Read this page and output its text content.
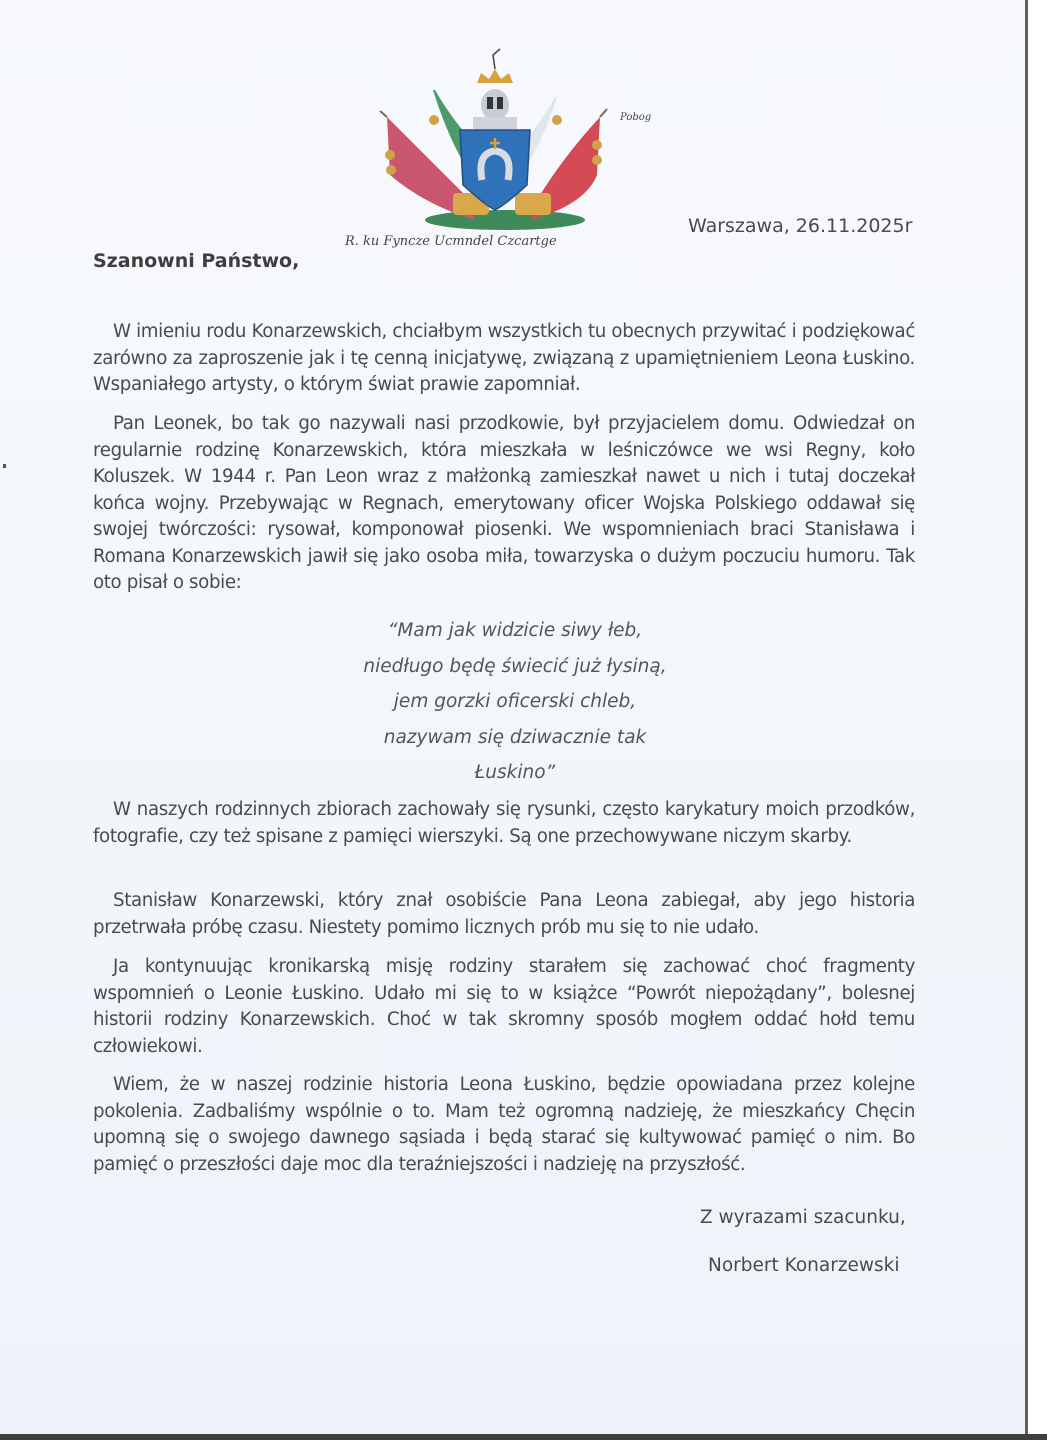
R. ku Fyncze Ucmndel Czcartge
Pobog
Warszawa, 26.11.2025r
Szanowni Państwo,

W imieniu rodu Konarzewskich, chciałbym wszystkich tu obecnych przywitać i podziękować zarówno za zaproszenie jak i tę cenną inicjatywę, związaną z upamiętnieniem Leona Łuskino. Wspaniałego artysty, o którym świat prawie zapomniał.

Pan Leonek, bo tak go nazywali nasi przodkowie, był przyjacielem domu. Odwiedzał on regularnie rodzinę Konarzewskich, która mieszkała w leśniczówce we wsi Regny, koło Koluszek. W 1944 r. Pan Leon wraz z małżonką zamieszkał nawet u nich i tutaj doczekał końca wojny. Przebywając w Regnach, emerytowany oficer Wojska Polskiego oddawał się swojej twórczości: rysował, komponował piosenki. We wspomnieniach braci Stanisława i Romana Konarzewskich jawił się jako osoba miła, towarzyska o dużym poczuciu humoru. Tak oto pisał o sobie:

“Mam jak widzicie siwy łeb,
niedługo będę świecić już łysiną,
jem gorzki oficerski chleb,
nazywam się dziwacznie tak
Łuskino”

W naszych rodzinnych zbiorach zachowały się rysunki, często karykatury moich przodków, fotografie, czy też spisane z pamięci wierszyki. Są one przechowywane niczym skarby.

Stanisław Konarzewski, który znał osobiście Pana Leona zabiegał, aby jego historia przetrwała próbę czasu. Niestety pomimo licznych prób mu się to nie udało.

Ja kontynuując kronikarską misję rodziny starałem się zachować choć fragmenty wspomnień o Leonie Łuskino. Udało mi się to w książce “Powrót niepożądany”, bolesnej historii rodziny Konarzewskich. Choć w tak skromny sposób mogłem oddać hołd temu człowiekowi.

Wiem, że w naszej rodzinie historia Leona Łuskino, będzie opowiadana przez kolejne pokolenia. Zadbaliśmy wspólnie o to. Mam też ogromną nadzieję, że mieszkańcy Chęcin upomną się o swojego dawnego sąsiada i będą starać się kultywować pamięć o nim. Bo pamięć o przeszłości daje moc dla teraźniejszości i nadzieję na przyszłość.

Z wyrazami szacunku,
Norbert Konarzewski
